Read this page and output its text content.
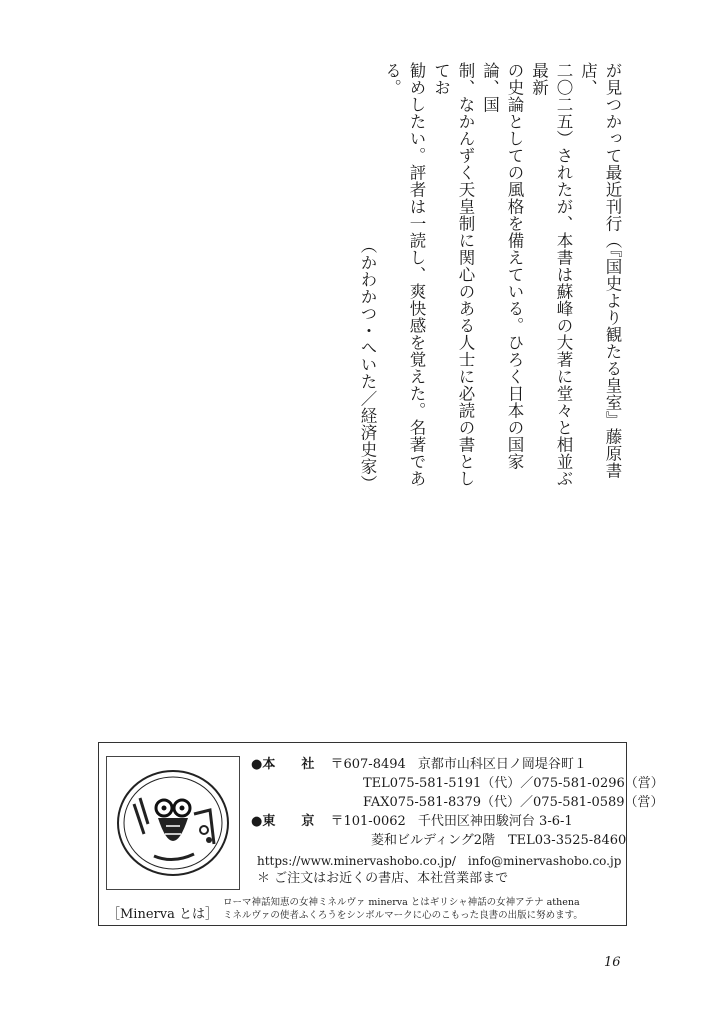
が見つかって最近刊行（『国史より観たる皇室』藤原書店、
二〇二五）されたが、本書は蘇峰の大著に堂々と相並ぶ最新
の史論としての風格を備えている。ひろく日本の国家論、国
制、なかんずく天皇制に関心のある人士に必読の書としてお
勧めしたい。評者は一読し、爽快感を覚えた。名著である。
（かわかつ・へいた／経済史家）
●本　　社 〒607-8494 京都市山科区日ノ岡堤谷町１
TEL075-581-5191（代）／075-581-0296（営）
FAX075-581-8379（代）／075-581-0589（営）
●東　　京 〒101-0062 千代田区神田駿河台 3-6-1
菱和ビルディング2階　TEL03-3525-8460
https://www.minervashobo.co.jp/　info@minervashobo.co.jp
＊ ご注文はお近くの書店、本社営業部まで
［Minerva とは］
ローマ神話知恵の女神ミネルヴァ minerva とはギリシャ神話の女神アテナ athena
ミネルヴァの使者ふくろうをシンボルマークに心のこもった良書の出版に努めます。
16
